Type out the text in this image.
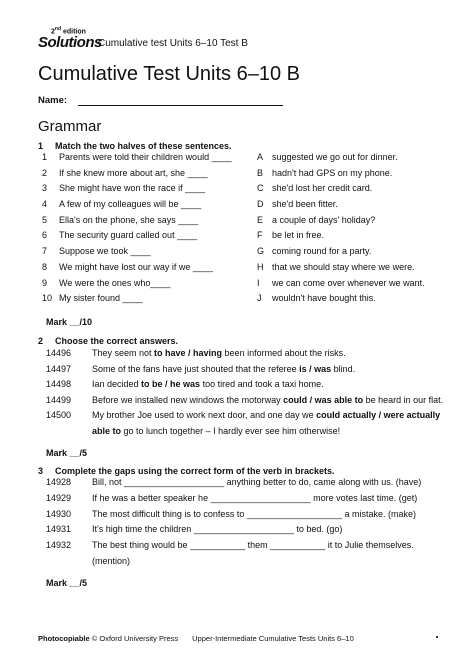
2nd edition
Solutions
Cumulative test Units 6–10 Test B
Cumulative Test Units 6–10 B
Name:
Grammar
1 Match the two halves of these sentences.
1 Parents were told their children would ____	A suggested we go out for dinner.
2 If she knew more about art, she ____	B hadn't had GPS on my phone.
3 She might have won the race if ____	C she'd lost her credit card.
4 A few of my colleagues will be ____	D she'd been fitter.
5 Ella's on the phone, she says ____	E a couple of days' holiday?
6 The security guard called out ____	F be let in free.
7 Suppose we took ____	G coming round for a party.
8 We might have lost our way if we ____	H that we should stay where we were.
9 We were the ones who____	I we can come over whenever we want.
10 My sister found ____	J wouldn't have bought this.
Mark __/10
2 Choose the correct answers.
14496	They seem not to have / having been informed about the risks.
14497	Some of the fans have just shouted that the referee is / was blind.
14498	Ian decided to be / he was too tired and took a taxi home.
14499	Before we installed new windows the motorway could / was able to be heard in our flat.
14500	My brother Joe used to work next door, and one day we could actually / were actually able to go to lunch together – I hardly ever see him otherwise!
Mark __/5
3 Complete the gaps using the correct form of the verb in brackets.
14928	Bill, not ____________________ anything better to do, came along with us. (have)
14929	If he was a better speaker he ____________________ more votes last time. (get)
14930	The most difficult thing is to confess to ___________________ a mistake. (make)
14931	It's high time the children ____________________ to bed. (go)
14932	The best thing would be ___________ them ___________ it to Julie themselves. (mention)
Mark __/5
Photocopiable © Oxford University Press Upper-Intermediate Cumulative Tests Units 6–10
